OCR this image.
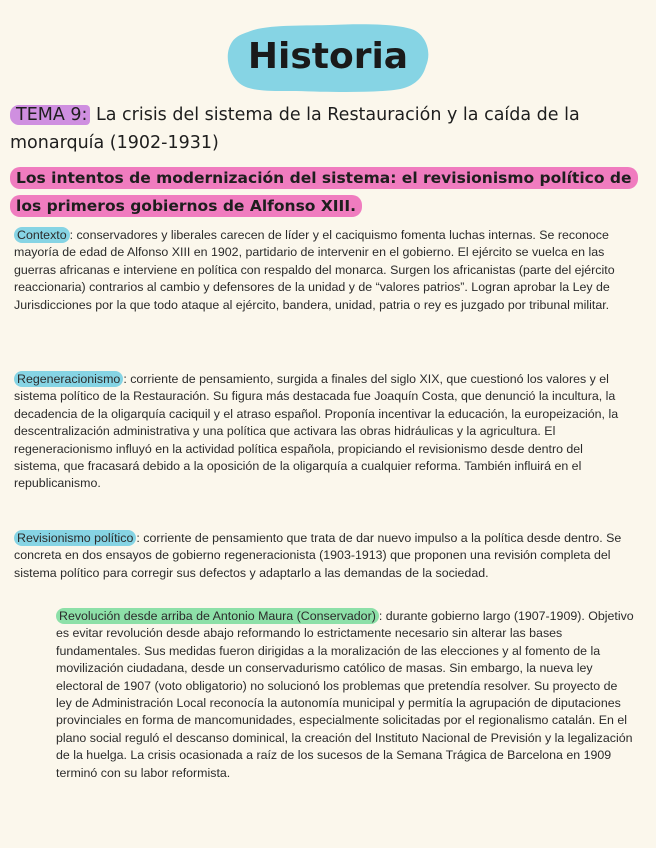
Historia
TEMA 9: La crisis del sistema de la Restauración y la caída de la monarquía (1902-1931)
Los intentos de modernización del sistema: el revisionismo político de los primeros gobiernos de Alfonso XIII.
Contexto : conservadores y liberales carecen de líder y el caciquismo fomenta luchas internas. Se reconoce mayoría de edad de Alfonso XIII en 1902, partidario de intervenir en el gobierno. El ejército se vuelca en las guerras africanas e interviene en política con respaldo del monarca. Surgen los africanistas (parte del ejército reaccionaria) contrarios al cambio y defensores de la unidad y de “valores patrios”. Logran aprobar la Ley de Jurisdicciones por la que todo ataque al ejército, bandera, unidad, patria o rey es juzgado por tribunal militar.
Regeneracionismo : corriente de pensamiento, surgida a finales del siglo XIX, que cuestionó los valores y el sistema político de la Restauración. Su figura más destacada fue Joaquín Costa, que denunció la incultura, la decadencia de la oligarquía caciquil y el atraso español. Proponía incentivar la educación, la europeización, la descentralización administrativa y una política que activara las obras hidráulicas y la agricultura. El regeneracionismo influyó en la actividad política española, propiciando el revisionismo desde dentro del sistema, que fracasará debido a la oposición de la oligarquía a cualquier reforma. También influirá en el republicanismo.
Revisionismo político : corriente de pensamiento que trata de dar nuevo impulso a la política desde dentro. Se concreta en dos ensayos de gobierno regeneracionista (1903-1913) que proponen una revisión completa del sistema político para corregir sus defectos y adaptarlo a las demandas de la sociedad.
Revolución desde arriba de Antonio Maura (Conservador) : durante gobierno largo (1907-1909). Objetivo es evitar revolución desde abajo reformando lo estrictamente necesario sin alterar las bases fundamentales. Sus medidas fueron dirigidas a la moralización de las elecciones y al fomento de la movilización ciudadana, desde un conservadurismo católico de masas. Sin embargo, la nueva ley electoral de 1907 (voto obligatorio) no solucionó los problemas que pretendía resolver. Su proyecto de ley de Administración Local reconocía la autonomía municipal y permitía la agrupación de diputaciones provinciales en forma de mancomunidades, especialmente solicitadas por el regionalismo catalán. En el plano social reguló el descanso dominical, la creación del Instituto Nacional de Previsión y la legalización de la huelga. La crisis ocasionada a raíz de los sucesos de la Semana Trágica de Barcelona en 1909 terminó con su labor reformista.
